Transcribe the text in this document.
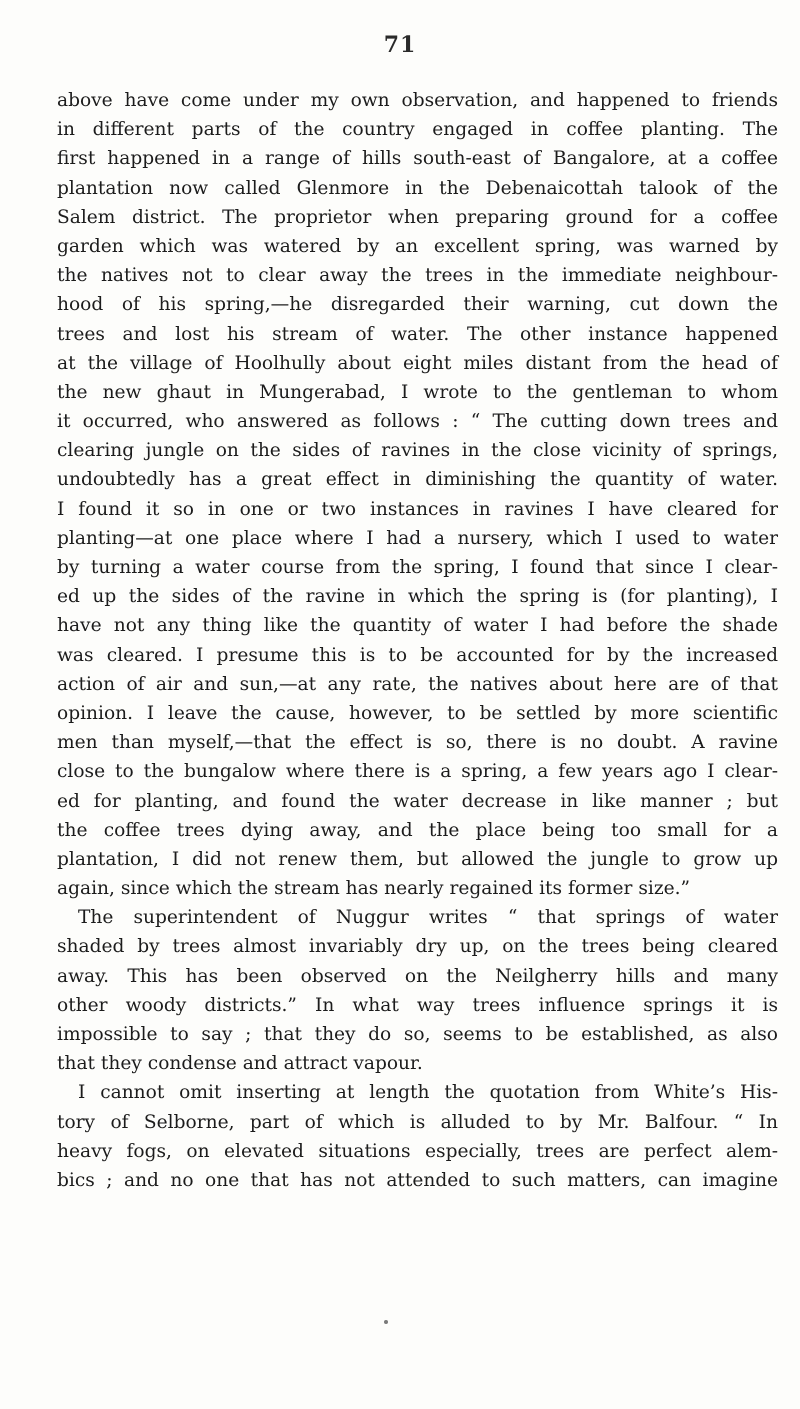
71
above have come under my own observation, and happened to friends
in different parts of the country engaged in coffee planting. The
first happened in a range of hills south-east of Bangalore, at a coffee
plantation now called Glenmore in the Debenaicottah talook of the
Salem district. The proprietor when preparing ground for a coffee
garden which was watered by an excellent spring, was warned by
the natives not to clear away the trees in the immediate neighbour-
hood of his spring,—he disregarded their warning, cut down the
trees and lost his stream of water. The other instance happened
at the village of Hoolhully about eight miles distant from the head of
the new ghaut in Mungerabad, I wrote to the gentleman to whom
it occurred, who answered as follows : “ The cutting down trees and
clearing jungle on the sides of ravines in the close vicinity of springs,
undoubtedly has a great effect in diminishing the quantity of water.
I found it so in one or two instances in ravines I have cleared for
planting—at one place where I had a nursery, which I used to water
by turning a water course from the spring, I found that since I clear-
ed up the sides of the ravine in which the spring is (for planting), I
have not any thing like the quantity of water I had before the shade
was cleared. I presume this is to be accounted for by the increased
action of air and sun,—at any rate, the natives about here are of that
opinion. I leave the cause, however, to be settled by more scientific
men than myself,—that the effect is so, there is no doubt. A ravine
close to the bungalow where there is a spring, a few years ago I clear-
ed for planting, and found the water decrease in like manner ; but
the coffee trees dying away, and the place being too small for a
plantation, I did not renew them, but allowed the jungle to grow up
again, since which the stream has nearly regained its former size.”
The superintendent of Nuggur writes “ that springs of water
shaded by trees almost invariably dry up, on the trees being cleared
away. This has been observed on the Neilgherry hills and many
other woody districts.” In what way trees influence springs it is
impossible to say ; that they do so, seems to be established, as also
that they condense and attract vapour.
I cannot omit inserting at length the quotation from White’s His-
tory of Selborne, part of which is alluded to by Mr. Balfour. “ In
heavy fogs, on elevated situations especially, trees are perfect alem-
bics ; and no one that has not attended to such matters, can imagine
